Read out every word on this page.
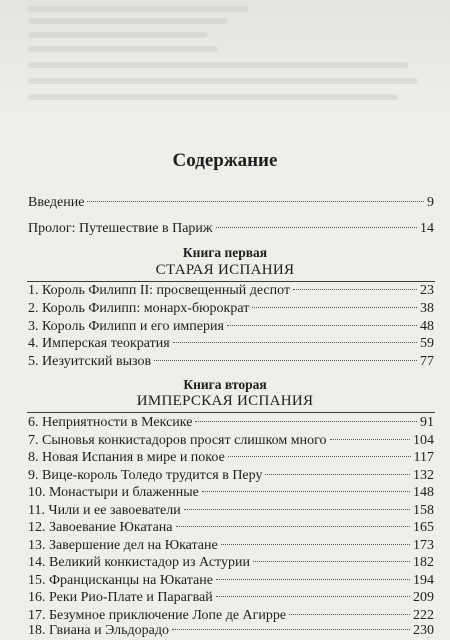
Содержание
Введение	9
Пролог: Путешествие в Париж	14
Книга первая
СТАРАЯ ИСПАНИЯ
1. Король Филипп II: просвещенный деспот	23
2. Король Филипп: монарх-бюрократ	38
3. Король Филипп и его империя	48
4. Имперская теократия	59
5. Иезуитский вызов	77
Книга вторая
ИМПЕРСКАЯ ИСПАНИЯ
6. Неприятности в Мексике	91
7. Сыновья конкистадоров просят слишком много	104
8. Новая Испания в мире и покое	117
9. Вице-король Толедо трудится в Перу	132
10. Монастыри и блаженные	148
11. Чили и ее завоеватели	158
12. Завоевание Юкатана	165
13. Завершение дел на Юкатане	173
14. Великий конкистадор из Астурии	182
15. Францисканцы на Юкатане	194
16. Реки Рио-Плате и Парагвай	209
17. Безумное приключение Лопе де Агирре	222
18. Гвиана и Эльдорадо	230
